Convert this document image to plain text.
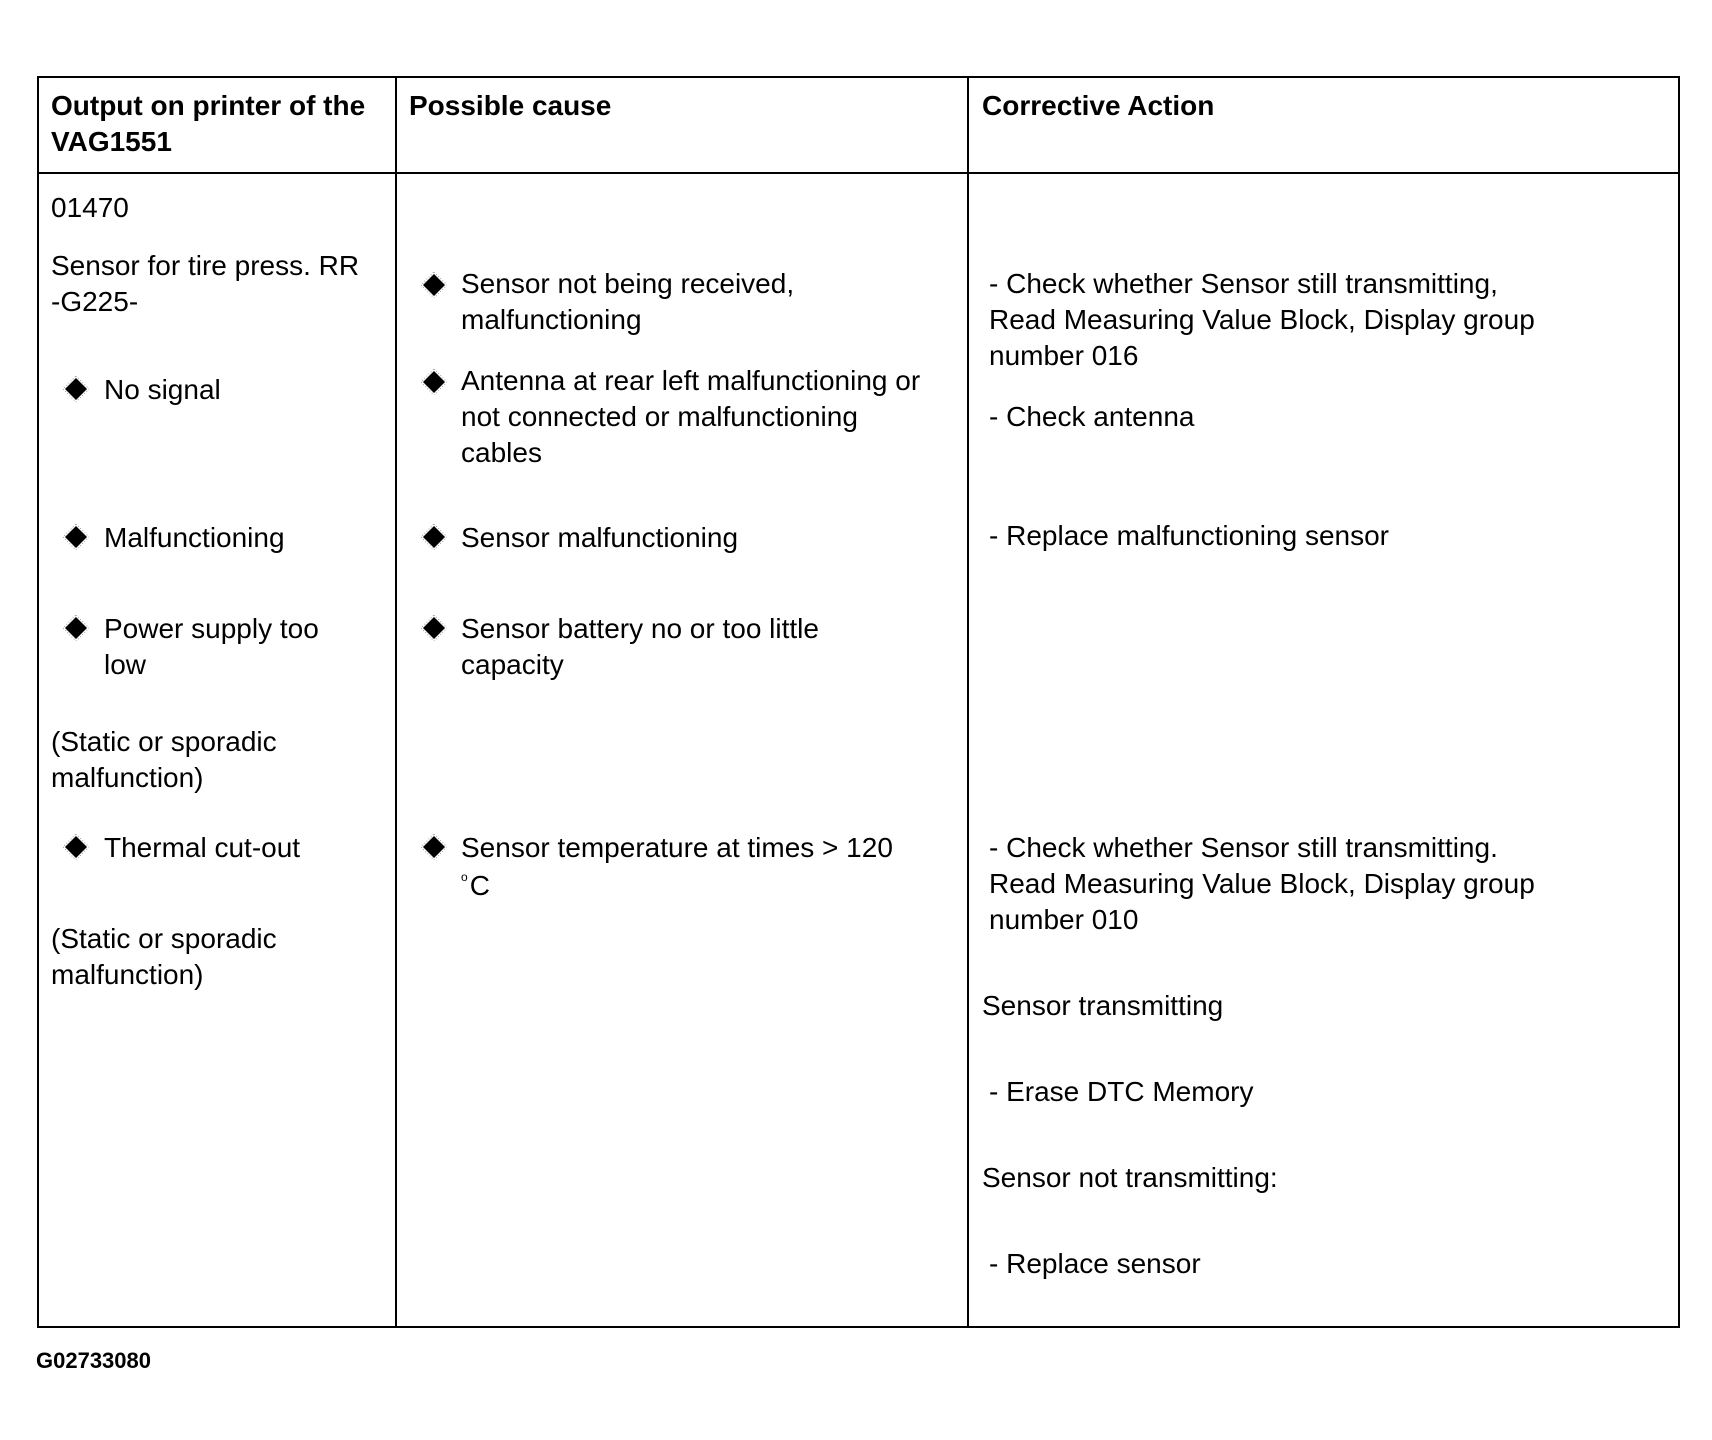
Output on printer of the VAG1551
Possible cause	Corrective Action
01470
Sensor for tire press. RR
-G225-
No signal
Malfunctioning
Power supply too
low
(Static or sporadic
malfunction)
Thermal cut-out
(Static or sporadic
malfunction)
Sensor not being received,
malfunctioning
Antenna at rear left malfunctioning or
not connected or malfunctioning
cables
Sensor malfunctioning
Sensor battery no or too little
capacity
Sensor temperature at times > 120
$^o$C
- Check whether Sensor still transmitting,
Read Measuring Value Block, Display group
number 016
- Check antenna
- Replace malfunctioning sensor
- Check whether Sensor still transmitting.
Read Measuring Value Block, Display group
number 010
Sensor transmitting
- Erase DTC Memory
Sensor not transmitting:
- Replace sensor
G02733080
